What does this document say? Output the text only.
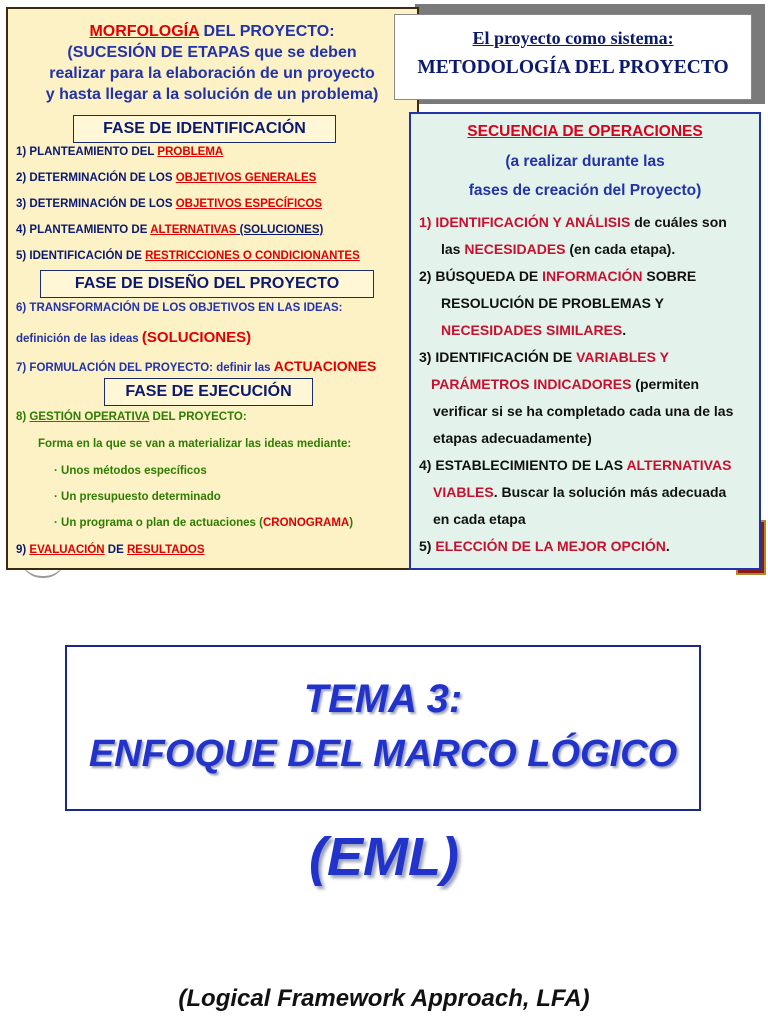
MORFOLOGÍA DEL PROYECTO:
(SUCESIÓN DE ETAPAS que se deben
realizar para la elaboración de un proyecto
y hasta llegar a la solución de un problema)
FASE DE IDENTIFICACIÓN
1) PLANTEAMIENTO DEL PROBLEMA
2) DETERMINACIÓN DE LOS OBJETIVOS GENERALES
3) DETERMINACIÓN DE LOS OBJETIVOS ESPECÍFICOS
4) PLANTEAMIENTO DE ALTERNATIVAS (SOLUCIONES)
5) IDENTIFICACIÓN DE RESTRICCIONES O CONDICIONANTES
FASE DE DISEÑO DEL PROYECTO
6) TRANSFORMACIÓN DE LOS OBJETIVOS EN LAS IDEAS:
definición de las ideas (SOLUCIONES)
7) FORMULACIÓN DEL PROYECTO: definir las ACTUACIONES
FASE DE EJECUCIÓN
8) GESTIÓN OPERATIVA DEL PROYECTO:
Forma en la que se van a materializar las ideas mediante:
· Unos métodos específicos
· Un presupuesto determinado
· Un programa o plan de actuaciones (CRONOGRAMA)
9) EVALUACIÓN DE RESULTADOS
El proyecto como sistema:
METODOLOGÍA DEL PROYECTO
SECUENCIA DE OPERACIONES
(a realizar durante las
fases de creación del Proyecto)
1) IDENTIFICACIÓN Y ANÁLISIS de cuáles son
las NECESIDADES (en cada etapa).
2) BÚSQUEDA DE INFORMACIÓN SOBRE
RESOLUCIÓN DE PROBLEMAS Y
NECESIDADES SIMILARES.
3) IDENTIFICACIÓN DE VARIABLES Y
PARÁMETROS INDICADORES (permiten
verificar si se ha completado cada una de las
etapas adecuadamente)
4) ESTABLECIMIENTO DE LAS ALTERNATIVAS
VIABLES. Buscar la solución más adecuada
en cada etapa
5) ELECCIÓN DE LA MEJOR OPCIÓN.
TEMA 3:
ENFOQUE DEL MARCO LÓGICO
(EML)
(Logical Framework Approach, LFA)
